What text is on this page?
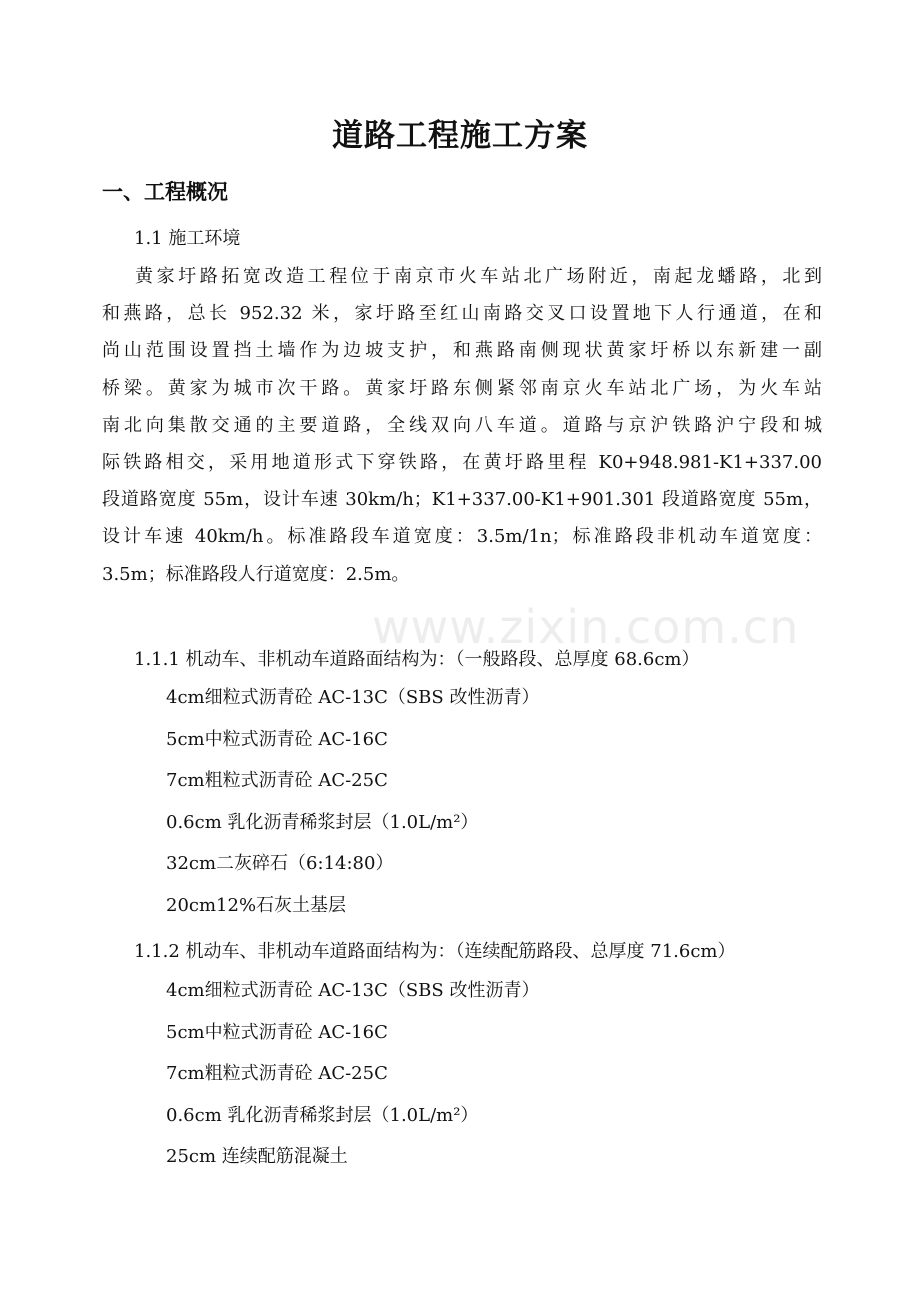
道路工程施工方案
一、工程概况
1.1 施工环境
黄家圩路拓宽改造工程位于南京市火车站北广场附近，南起龙蟠路，北到
和燕路，总长 952.32 米，家圩路至红山南路交叉口设置地下人行通道，在和
尚山范围设置挡土墙作为边坡支护，和燕路南侧现状黄家圩桥以东新建一副
桥梁。黄家为城市次干路。黄家圩路东侧紧邻南京火车站北广场，为火车站
南北向集散交通的主要道路，全线双向八车道。道路与京沪铁路沪宁段和城
际铁路相交，采用地道形式下穿铁路，在黄圩路里程 K0+948.981-K1+337.00
段道路宽度 55m，设计车速 30km/h；K1+337.00-K1+901.301 段道路宽度 55m，
设计车速 40km/h。标准路段车道宽度：3.5m/1n；标准路段非机动车道宽度：
3.5m；标准路段人行道宽度：2.5m。
1.1.1 机动车、非机动车道路面结构为：（一般路段、总厚度 68.6cm）
4cm细粒式沥青砼 AC-13C（SBS 改性沥青）
5cm中粒式沥青砼 AC-16C
7cm粗粒式沥青砼 AC-25C
0.6cm 乳化沥青稀浆封层（1.0L/m²）
32cm二灰碎石（6:14:80）
20cm12%石灰土基层
1.1.2 机动车、非机动车道路面结构为：（连续配筋路段、总厚度 71.6cm）
4cm细粒式沥青砼 AC-13C（SBS 改性沥青）
5cm中粒式沥青砼 AC-16C
7cm粗粒式沥青砼 AC-25C
0.6cm 乳化沥青稀浆封层（1.0L/m²）
25cm 连续配筋混凝土
www.zixin.com.cn
